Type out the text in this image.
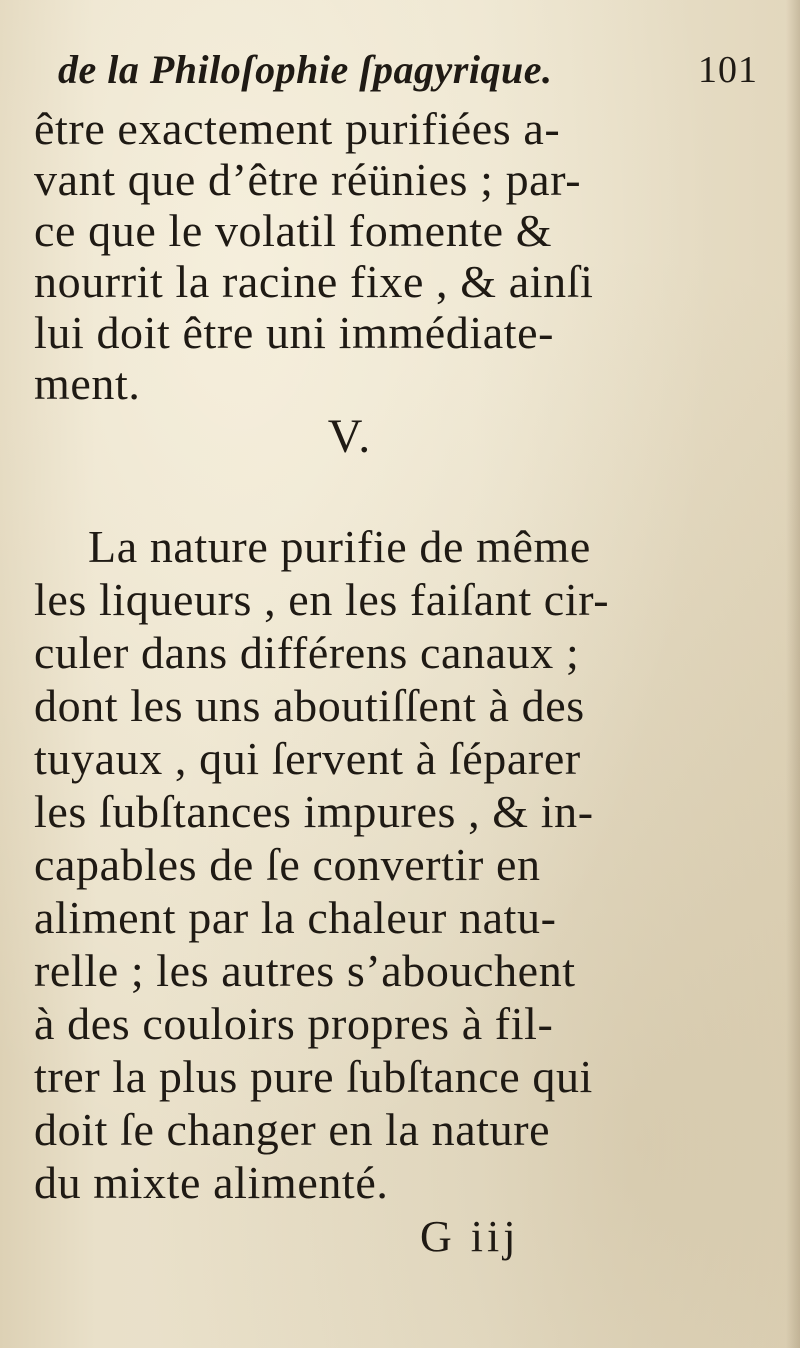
de la Philoſophie ſpagyrique.	101
être exactement purifiées a-
vant que d’être réünies ; par-
ce que le volatil fomente &
nourrit la racine fixe , & ainſi
lui doit être uni immédiate-
ment.
V.
La nature purifie de même
les liqueurs , en les faiſant cir-
culer dans différens canaux ;
dont les uns aboutiſſent à des
tuyaux , qui ſervent à ſéparer
les ſubſtances impures , & in-
capables de ſe convertir en
aliment par la chaleur natu-
relle ; les autres s’abouchent
à des couloirs propres à fil-
trer la plus pure ſubſtance qui
doit ſe changer en la nature
du mixte alimenté.
G iij
